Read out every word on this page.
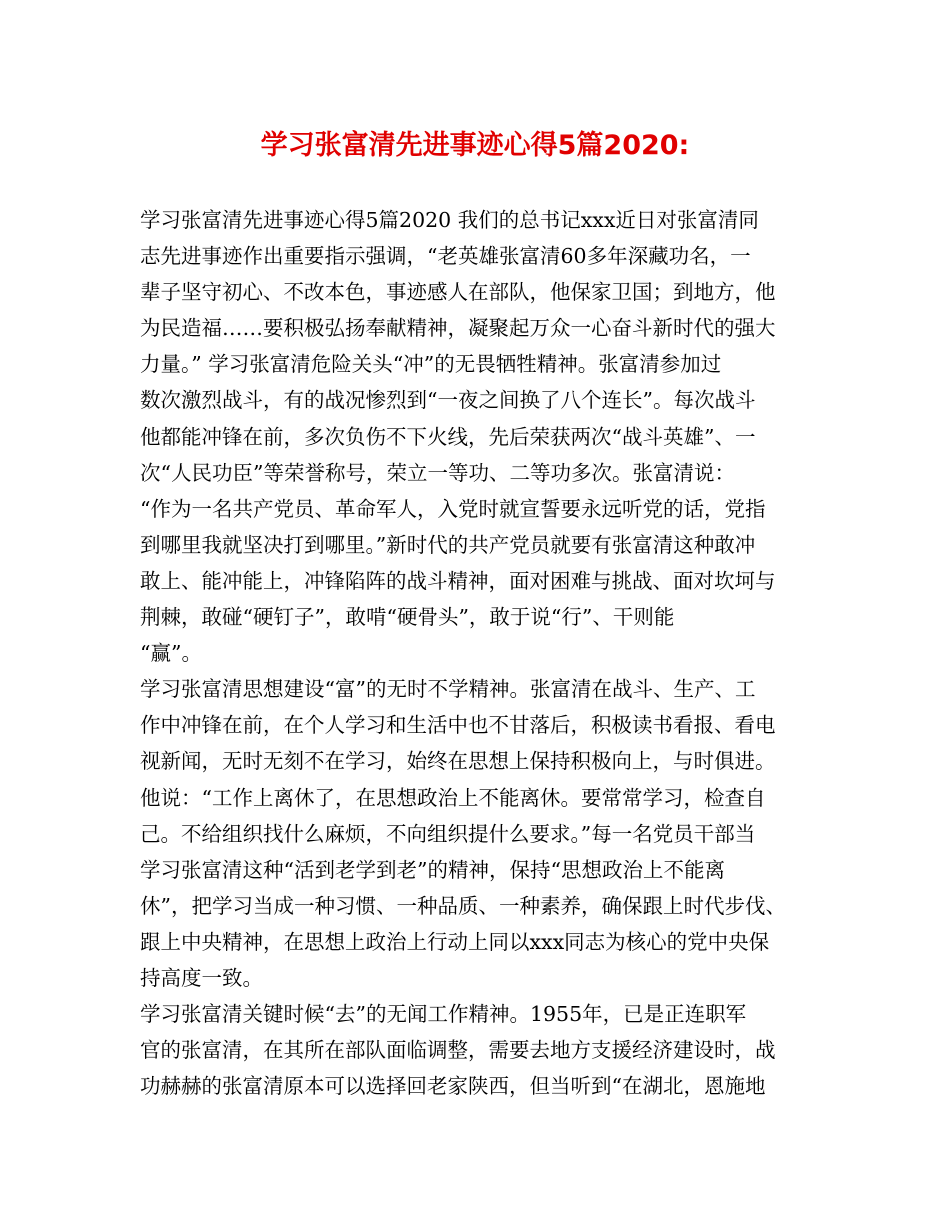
学习张富清先进事迹心得5篇2020:

学习张富清先进事迹心得5篇2020 我们的总书记xxx近日对张富清同
志先进事迹作出重要指示强调，“老英雄张富清60多年深藏功名，一
辈子坚守初心、不改本色，事迹感人在部队，他保家卫国；到地方，他
为民造福……要积极弘扬奉献精神，凝聚起万众一心奋斗新时代的强大
力量。” 学习张富清危险关头“冲”的无畏牺牲精神。张富清参加过
数次激烈战斗，有的战况惨烈到“一夜之间换了八个连长”。每次战斗
他都能冲锋在前，多次负伤不下火线，先后荣获两次“战斗英雄”、一
次“人民功臣”等荣誉称号，荣立一等功、二等功多次。张富清说：
“作为一名共产党员、革命军人，入党时就宣誓要永远听党的话，党指
到哪里我就坚决打到哪里。”新时代的共产党员就要有张富清这种敢冲
敢上、能冲能上，冲锋陷阵的战斗精神，面对困难与挑战、面对坎坷与
荆棘，敢碰“硬钉子”，敢啃“硬骨头”，敢于说“行”、干则能
“赢”。

学习张富清思想建设“富”的无时不学精神。张富清在战斗、生产、工
作中冲锋在前，在个人学习和生活中也不甘落后，积极读书看报、看电
视新闻，无时无刻不在学习，始终在思想上保持积极向上，与时俱进。
他说：“工作上离休了，在思想政治上不能离休。要常常学习，检查自
己。不给组织找什么麻烦，不向组织提什么要求。”每一名党员干部当
学习张富清这种“活到老学到老”的精神，保持“思想政治上不能离
休”，把学习当成一种习惯、一种品质、一种素养，确保跟上时代步伐、
跟上中央精神，在思想上政治上行动上同以xxx同志为核心的党中央保
持高度一致。

学习张富清关键时候“去”的无闻工作精神。1955年，已是正连职军
官的张富清，在其所在部队面临调整，需要去地方支援经济建设时，战
功赫赫的张富清原本可以选择回老家陕西，但当听到“在湖北，恩施地
